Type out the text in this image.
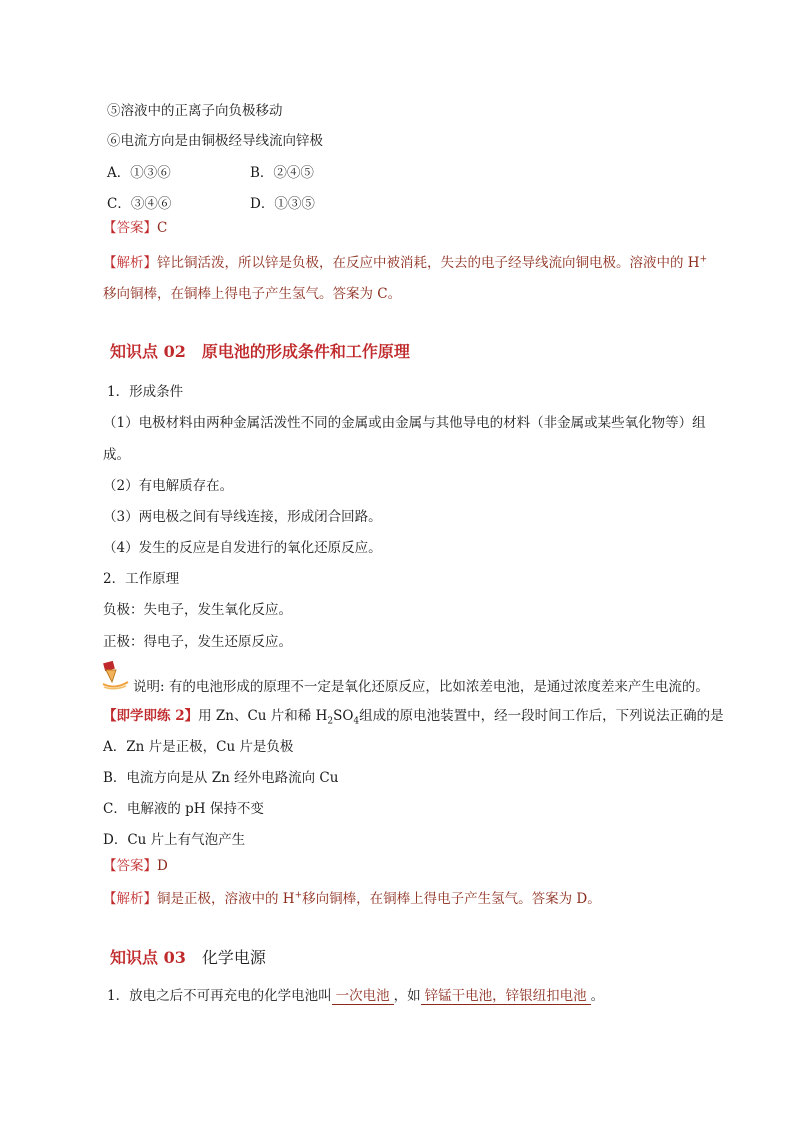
⑤溶液中的正离子向负极移动
⑥电流方向是由铜极经导线流向锌极
A．①③⑥	B．②④⑤
C．③④⑥	D．①③⑤
【答案】C
【解析】锌比铜活泼，所以锌是负极，在反应中被消耗，失去的电子经导线流向铜电极。溶液中的 H+
移向铜棒，在铜棒上得电子产生氢气。答案为 C。
知识点 02 原电池的形成条件和工作原理
1．形成条件
（1）电极材料由两种金属活泼性不同的金属或由金属与其他导电的材料（非金属或某些氧化物等）组
成。
（2）有电解质存在。
（3）两电极之间有导线连接，形成闭合回路。
（4）发生的反应是自发进行的氧化还原反应。
2．工作原理
负极：失电子，发生氧化反应。
正极：得电子，发生还原反应。
说明: 有的电池形成的原理不一定是氧化还原反应，比如浓差电池，是通过浓度差来产生电流的。
【即学即练 2】用 Zn、Cu 片和稀 $H_2SO_4$组成的原电池装置中，经一段时间工作后，下列说法正确的是
A．Zn 片是正极，Cu 片是负极
B．电流方向是从 Zn 经外电路流向 Cu
C．电解液的 pH 保持不变
D．Cu 片上有气泡产生
【答案】D
【解析】铜是正极，溶液中的 H+移向铜棒，在铜棒上得电子产生氢气。答案为 D。
知识点 03 化学电源
1．放电之后不可再充电的化学电池叫 一次电池 ，如 锌锰干电池，锌银纽扣电池 。
